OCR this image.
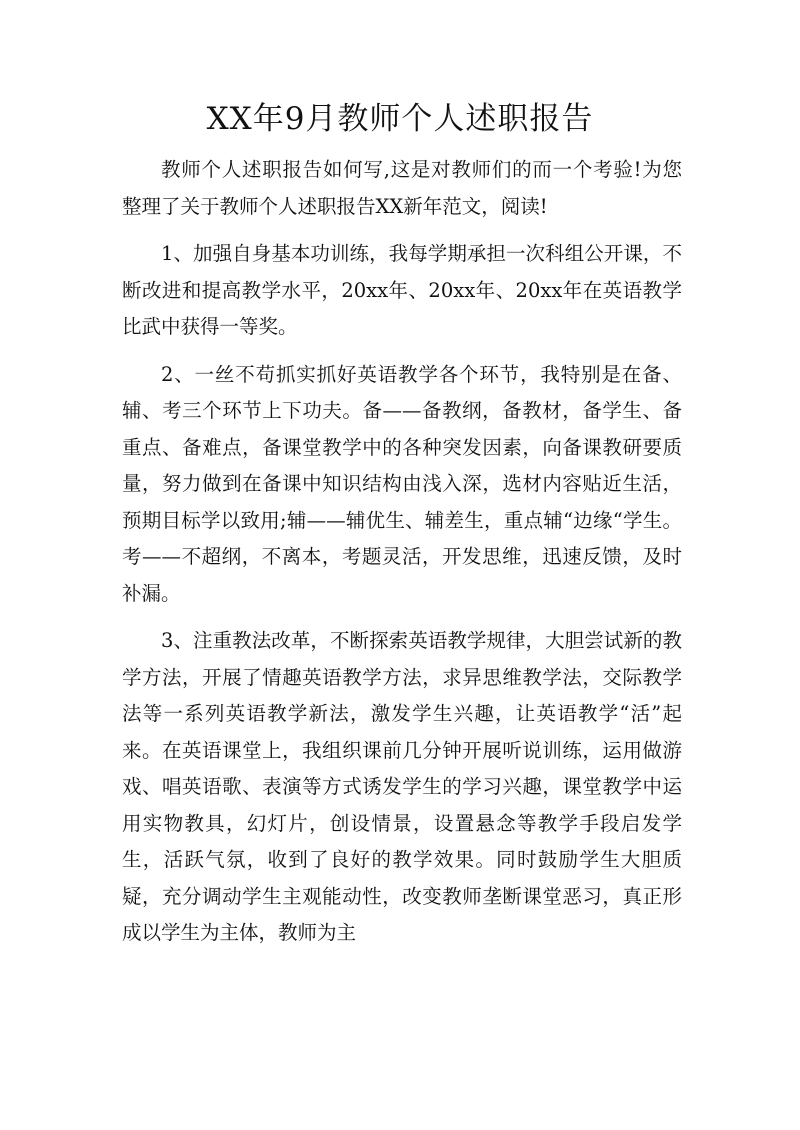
XX年9月教师个人述职报告

教师个人述职报告如何写,这是对教师们的而一个考验!为您整理了关于教师个人述职报告XX新年范文，阅读!

1、加强自身基本功训练，我每学期承担一次科组公开课，不断改进和提高教学水平，20xx年、20xx年、20xx年在英语教学比武中获得一等奖。

2、一丝不苟抓实抓好英语教学各个环节，我特别是在备、辅、考三个环节上下功夫。备——备教纲，备教材，备学生、备重点、备难点，备课堂教学中的各种突发因素，向备课教研要质量，努力做到在备课中知识结构由浅入深，选材内容贴近生活，预期目标学以致用;辅——辅优生、辅差生，重点辅“边缘“学生。考——不超纲，不离本，考题灵活，开发思维，迅速反馈，及时补漏。

3、注重教法改革，不断探索英语教学规律，大胆尝试新的教学方法，开展了情趣英语教学方法，求异思维教学法，交际教学法等一系列英语教学新法，激发学生兴趣，让英语教学“活”起来。在英语课堂上，我组织课前几分钟开展听说训练，运用做游戏、唱英语歌、表演等方式诱发学生的学习兴趣，课堂教学中运用实物教具，幻灯片，创设情景，设置悬念等教学手段启发学生，活跃气氛，收到了良好的教学效果。同时鼓励学生大胆质疑，充分调动学生主观能动性，改变教师垄断课堂恶习，真正形成以学生为主体，教师为主
